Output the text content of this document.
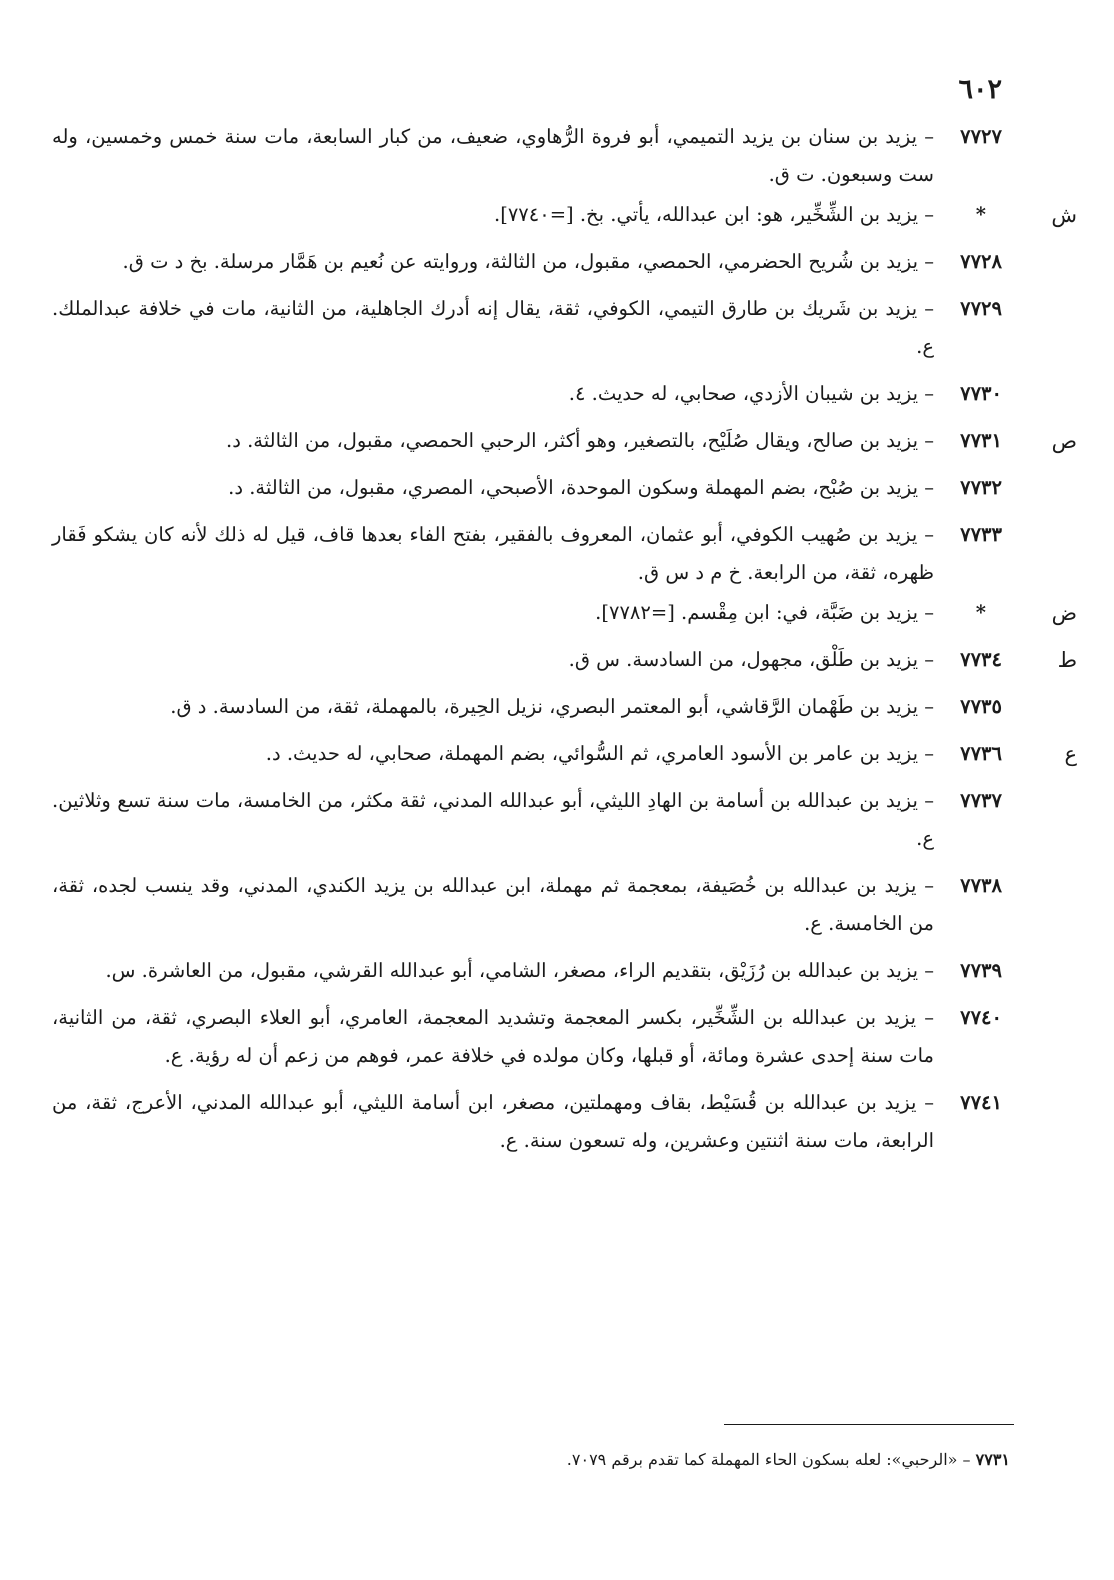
٦٠٢
٧٧٢٧
– يزيد بن سنان بن يزيد التميمي، أبو فروة الرُّهاوي، ضعيف، من كبار السابعة، مات سنة خمس وخمسين، وله ست وسبعون. ت ق.
ش
*
– يزيد بن الشِّخِّير، هو: ابن عبدالله، يأتي. بخ. [=٧٧٤٠].
٧٧٢٨
– يزيد بن شُريح الحضرمي، الحمصي، مقبول، من الثالثة، وروايته عن نُعيم بن هَمَّار مرسلة. بخ د ت ق.
٧٧٢٩
– يزيد بن شَريك بن طارق التيمي، الكوفي، ثقة، يقال إنه أدرك الجاهلية، من الثانية، مات في خلافة عبدالملك. ع.
٧٧٣٠
– يزيد بن شيبان الأزدي، صحابي، له حديث. ٤.
ص
٧٧٣١
– يزيد بن صالح، ويقال صُلَيْح، بالتصغير، وهو أكثر، الرحبي الحمصي، مقبول، من الثالثة. د.
٧٧٣٢
– يزيد بن صُبْح، بضم المهملة وسكون الموحدة، الأصبحي، المصري، مقبول، من الثالثة. د.
٧٧٣٣
– يزيد بن صُهيب الكوفي، أبو عثمان، المعروف بالفقير، بفتح الفاء بعدها قاف، قيل له ذلك لأنه كان يشكو فَقار ظهره، ثقة، من الرابعة. خ م د س ق.
ض
*
– يزيد بن ضَبَّة، في: ابن مِقْسم. [=٧٧٨٢].
ط
٧٧٣٤
– يزيد بن طَلْق، مجهول، من السادسة. س ق.
٧٧٣٥
– يزيد بن طَهْمان الرَّقاشي، أبو المعتمر البصري، نزيل الحِيرة، بالمهملة، ثقة، من السادسة. د ق.
ع
٧٧٣٦
– يزيد بن عامر بن الأسود العامري، ثم السُّوائي، بضم المهملة، صحابي، له حديث. د.
٧٧٣٧
– يزيد بن عبدالله بن أسامة بن الهادِ الليثي، أبو عبدالله المدني، ثقة مكثر، من الخامسة، مات سنة تسع وثلاثين. ع.
٧٧٣٨
– يزيد بن عبدالله بن خُصَيفة، بمعجمة ثم مهملة، ابن عبدالله بن يزيد الكندي، المدني، وقد ينسب لجده، ثقة، من الخامسة. ع.
٧٧٣٩
– يزيد بن عبدالله بن رُزَيْق، بتقديم الراء، مصغر، الشامي، أبو عبدالله القرشي، مقبول، من العاشرة. س.
٧٧٤٠
– يزيد بن عبدالله بن الشِّخِّير، بكسر المعجمة وتشديد المعجمة، العامري، أبو العلاء البصري، ثقة، من الثانية، مات سنة إحدى عشرة ومائة، أو قبلها، وكان مولده في خلافة عمر، فوهم من زعم أن له رؤية. ع.
٧٧٤١
– يزيد بن عبدالله بن قُسَيْط، بقاف ومهملتين، مصغر، ابن أسامة الليثي، أبو عبدالله المدني، الأعرج، ثقة، من الرابعة، مات سنة اثنتين وعشرين، وله تسعون سنة. ع.
٧٧٣١ – «الرحبي»: لعله بسكون الحاء المهملة كما تقدم برقم ٧٠٧٩.
